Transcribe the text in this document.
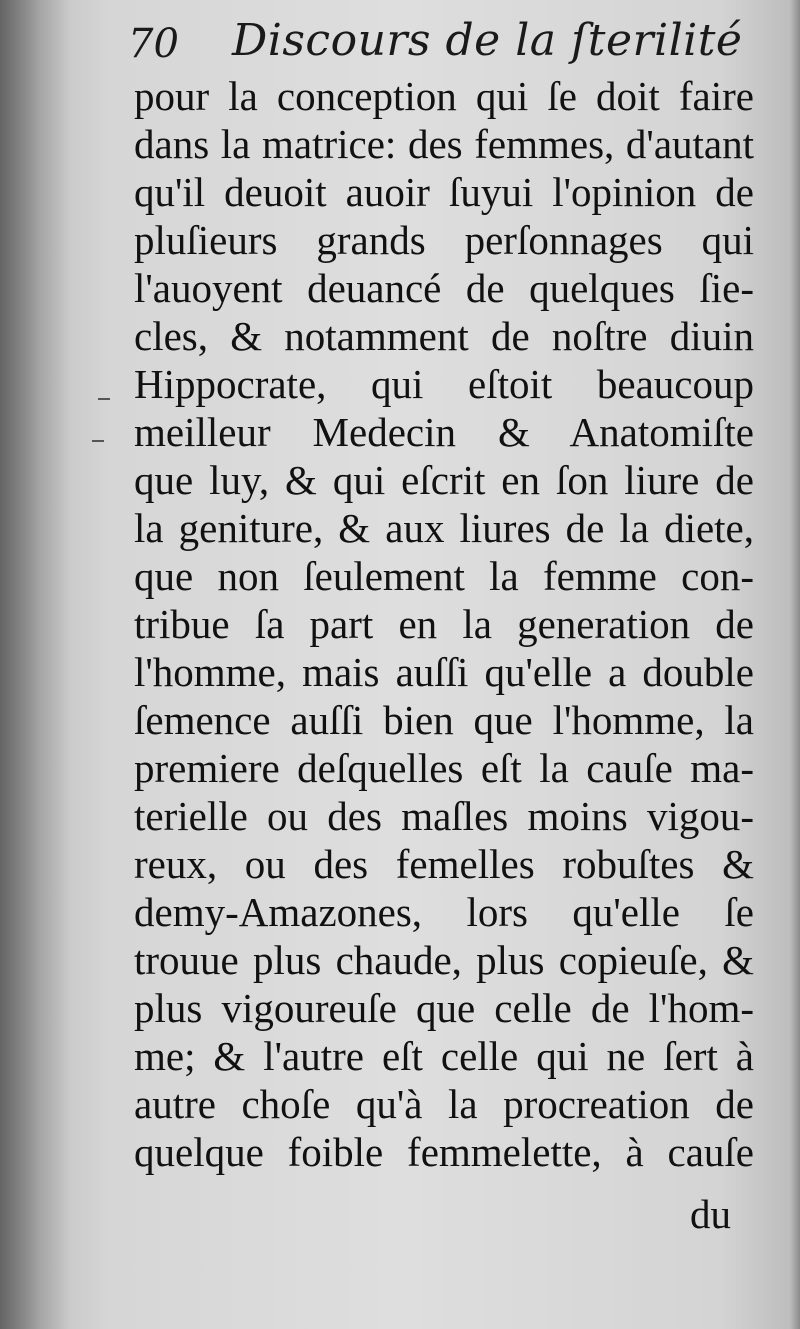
70 Discours de la ſterilité
pour la conception qui ſe doit faire
dans la matrice: des femmes, d'autant
qu'il deuoit auoir ſuyui l'opinion de
pluſieurs grands perſonnages qui
l'auoyent deuancé de quelques ſie-
cles, & notamment de noſtre diuin
Hippocrate, qui eſtoit beaucoup
meilleur Medecin & Anatomiſte
que luy, & qui eſcrit en ſon liure de
la geniture, & aux liures de la diete,
que non ſeulement la femme con-
tribue ſa part en la generation de
l'homme, mais auſſi qu'elle a double
ſemence auſſi bien que l'homme, la
premiere deſquelles eſt la cauſe ma-
terielle ou des maſles moins vigou-
reux, ou des femelles robuſtes &
demy-Amazones, lors qu'elle ſe
trouue plus chaude, plus copieuſe, &
plus vigoureuſe que celle de l'hom-
me; & l'autre eſt celle qui ne ſert à
autre choſe qu'à la procreation de
quelque foible femmelette, à cauſe
du
